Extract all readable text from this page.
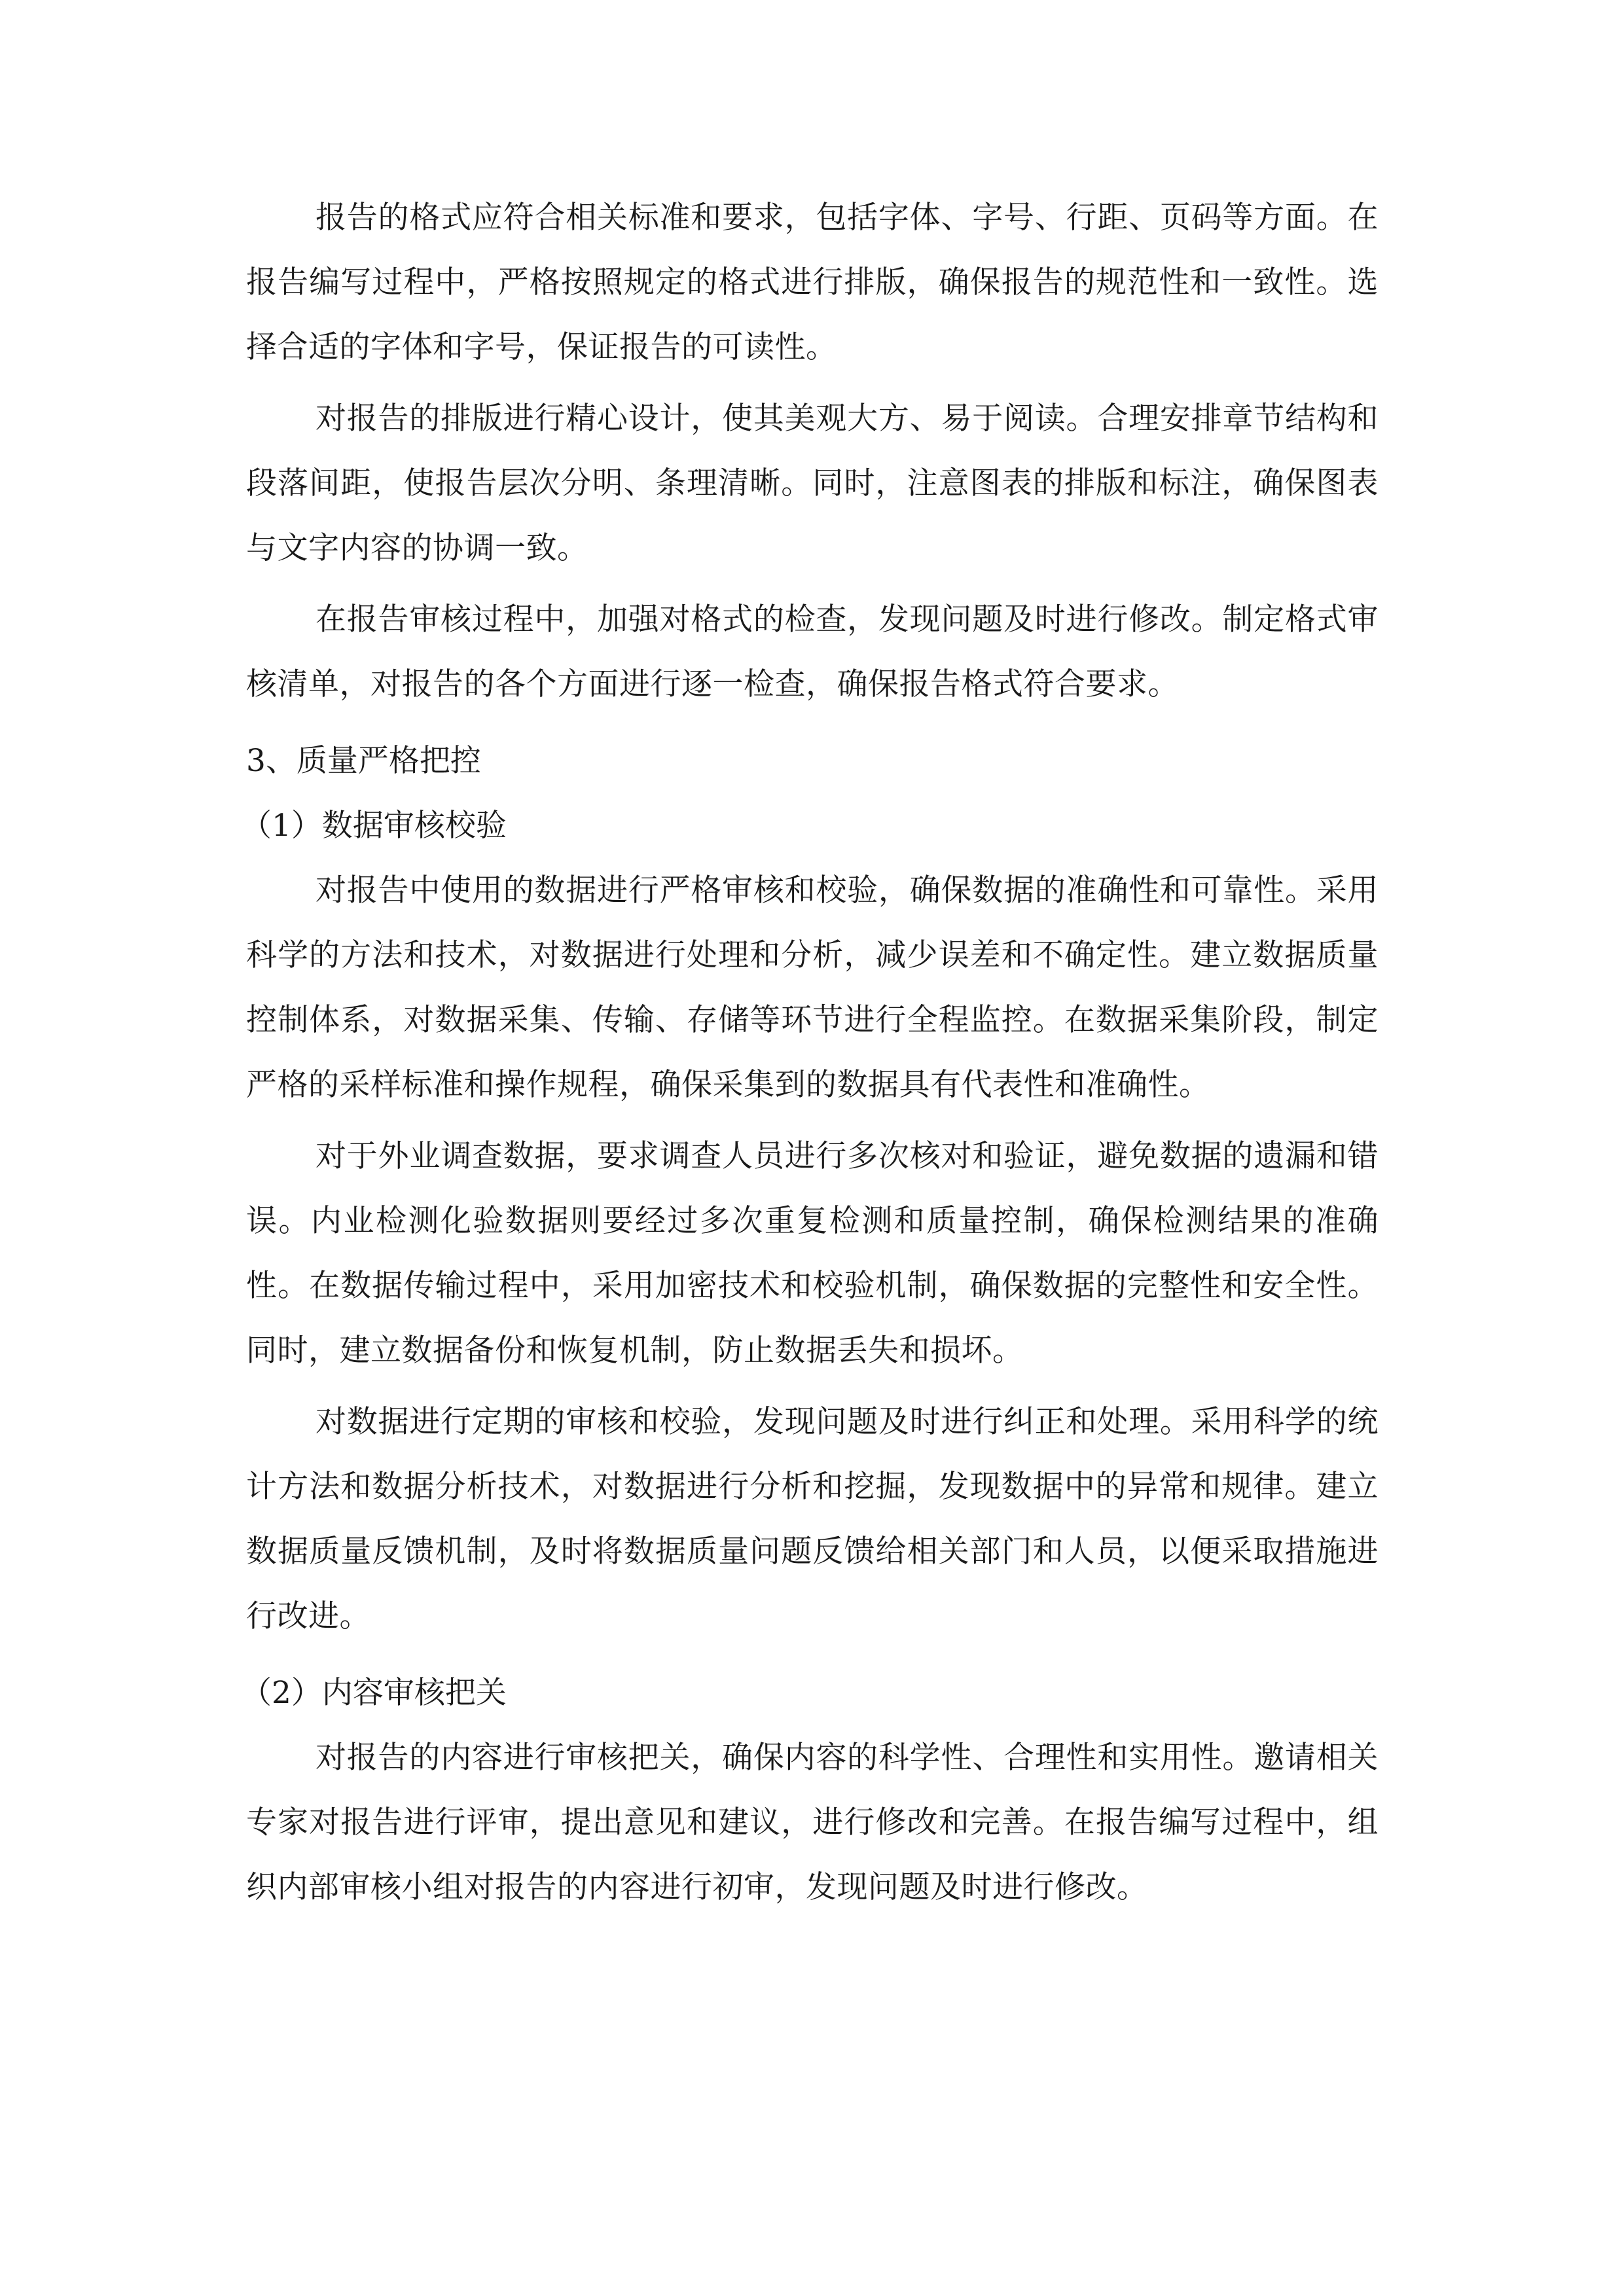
报告的格式应符合相关标准和要求，包括字体、字号、行距、页码等方面。在报告编写过程中，严格按照规定的格式进行排版，确保报告的规范性和一致性。选择合适的字体和字号，保证报告的可读性。

对报告的排版进行精心设计，使其美观大方、易于阅读。合理安排章节结构和段落间距，使报告层次分明、条理清晰。同时，注意图表的排版和标注，确保图表与文字内容的协调一致。

在报告审核过程中，加强对格式的检查，发现问题及时进行修改。制定格式审核清单，对报告的各个方面进行逐一检查，确保报告格式符合要求。

3、质量严格把控

（1）数据审核校验

对报告中使用的数据进行严格审核和校验，确保数据的准确性和可靠性。采用科学的方法和技术，对数据进行处理和分析，减少误差和不确定性。建立数据质量控制体系，对数据采集、传输、存储等环节进行全程监控。在数据采集阶段，制定严格的采样标准和操作规程，确保采集到的数据具有代表性和准确性。

对于外业调查数据，要求调查人员进行多次核对和验证，避免数据的遗漏和错误。内业检测化验数据则要经过多次重复检测和质量控制，确保检测结果的准确性。在数据传输过程中，采用加密技术和校验机制，确保数据的完整性和安全性。同时，建立数据备份和恢复机制，防止数据丢失和损坏。

对数据进行定期的审核和校验，发现问题及时进行纠正和处理。采用科学的统计方法和数据分析技术，对数据进行分析和挖掘，发现数据中的异常和规律。建立数据质量反馈机制，及时将数据质量问题反馈给相关部门和人员，以便采取措施进行改进。

（2）内容审核把关

对报告的内容进行审核把关，确保内容的科学性、合理性和实用性。邀请相关专家对报告进行评审，提出意见和建议，进行修改和完善。在报告编写过程中，组织内部审核小组对报告的内容进行初审，发现问题及时进行修改。
